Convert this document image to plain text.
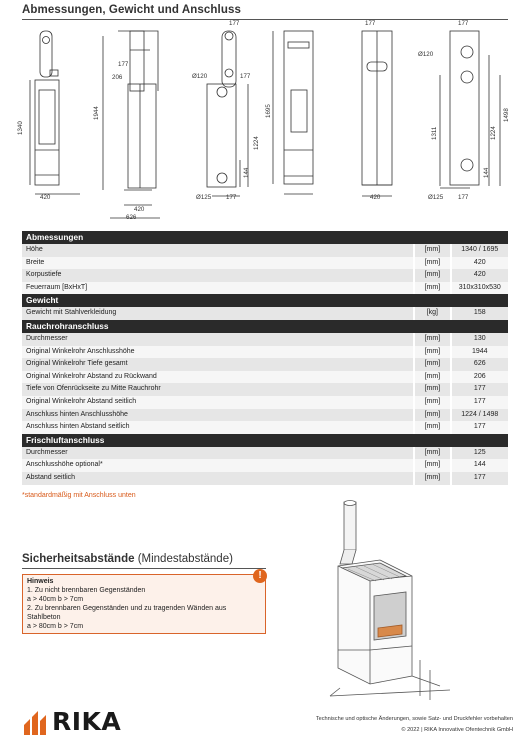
Abmessungen, Gewicht und Anschluss
420
1340
177
206
1944
420
626
177
Ø120	177
1224
144
Ø125 177
1695
177
420
177
Ø120
1311	1224
1498
144
Ø125 177
Abmessungen				
Höhe		[mm]		1340 / 1695
Breite		[mm]		420
Korpustiefe		[mm]		420
Feuerraum [BxHxT]		[mm]		310x310x530
Gewicht				
Gewicht mit Stahlverkleidung		[kg]		158
Rauchrohranschluss				
Durchmesser		[mm]		130
Original Winkelrohr Anschlusshöhe		[mm]		1944
Original Winkelrohr Tiefe gesamt		[mm]		626
Original Winkelrohr Abstand zu Rückwand		[mm]		206
Tiefe von Ofenrückseite zu Mitte Rauchrohr		[mm]		177
Original Winkelrohr Abstand seitlich		[mm]		177
Anschluss hinten Anschlusshöhe		[mm]		1224 / 1498
Anschluss hinten Abstand seitlich		[mm]		177
Frischluftanschluss				
Durchmesser		[mm]		125
Anschlusshöhe optional*		[mm]		144
Abstand seitlich		[mm]		177
*standardmäßig mit Anschluss unten
Sicherheitsabstände (Mindestabstände)
!
Hinweis
1. Zu nicht brennbaren Gegenständen
a > 40cm b > 7cm
2. Zu brennbaren Gegenständen und zu tragenden Wänden aus Stahlbeton
a > 80cm b > 7cm
RIKA	Technische und optische Änderungen, sowie Satz- und Druckfehler vorbehalten
© 2022 | RIKA Innovative Ofentechnik GmbH
